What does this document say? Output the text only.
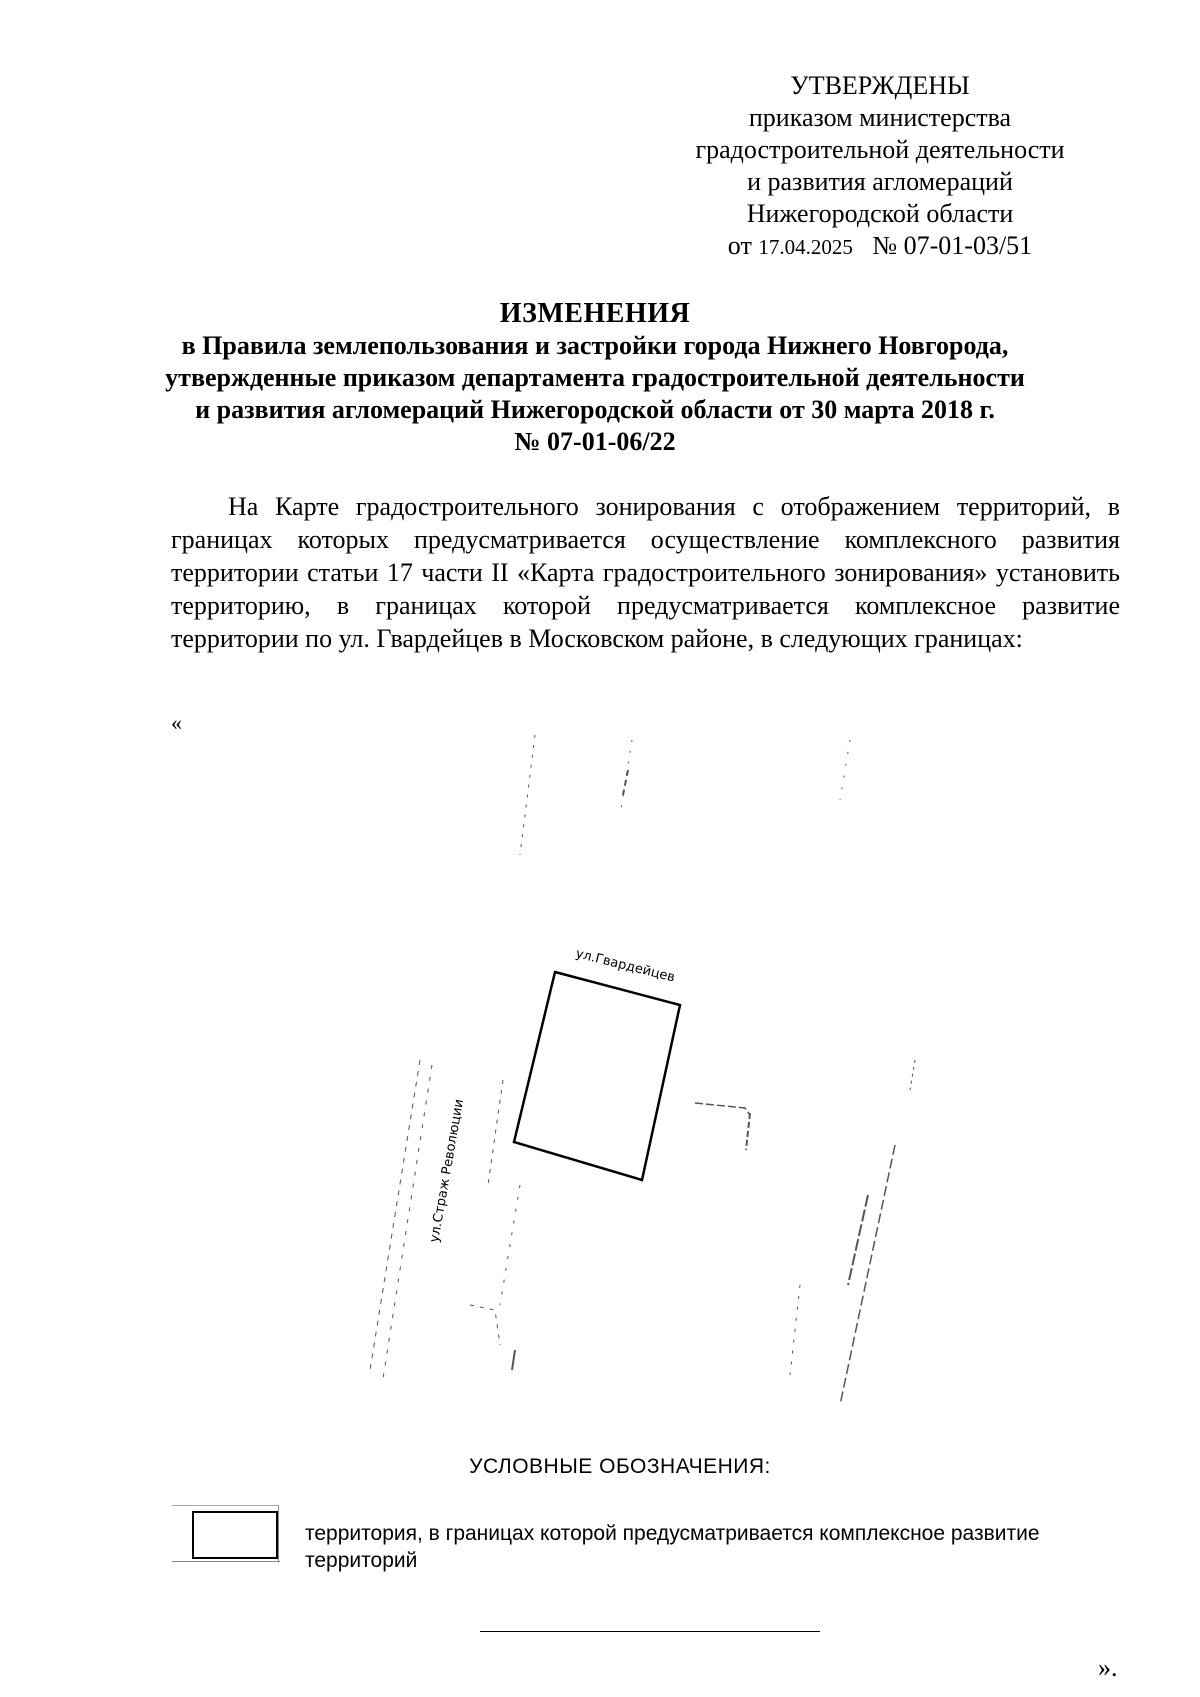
УТВЕРЖДЕНЫ
приказом министерства
градостроительной деятельности
и развития агломераций
Нижегородской области
от 17.04.2025 № 07-01-03/51
ИЗМЕНЕНИЯ
в Правила землепользования и застройки города Нижнего Новгорода,
утвержденные приказом департамента градостроительной деятельности
и развития агломераций Нижегородской области от 30 марта 2018 г.
№ 07-01-06/22

На Карте градостроительного зонирования с отображением территорий, в границах которых предусматривается осуществление комплексного развития территории статьи 17 части II «Карта градостроительного зонирования» установить территорию, в границах которой предусматривается комплексное развитие территории по ул. Гвардейцев в Московском районе, в следующих границах:

«
ул.Гвардейцев
ул.Страж Революции
УСЛОВНЫЕ ОБОЗНАЧЕНИЯ:
территория, в границах которой предусматривается комплексное развитие территорий
».
